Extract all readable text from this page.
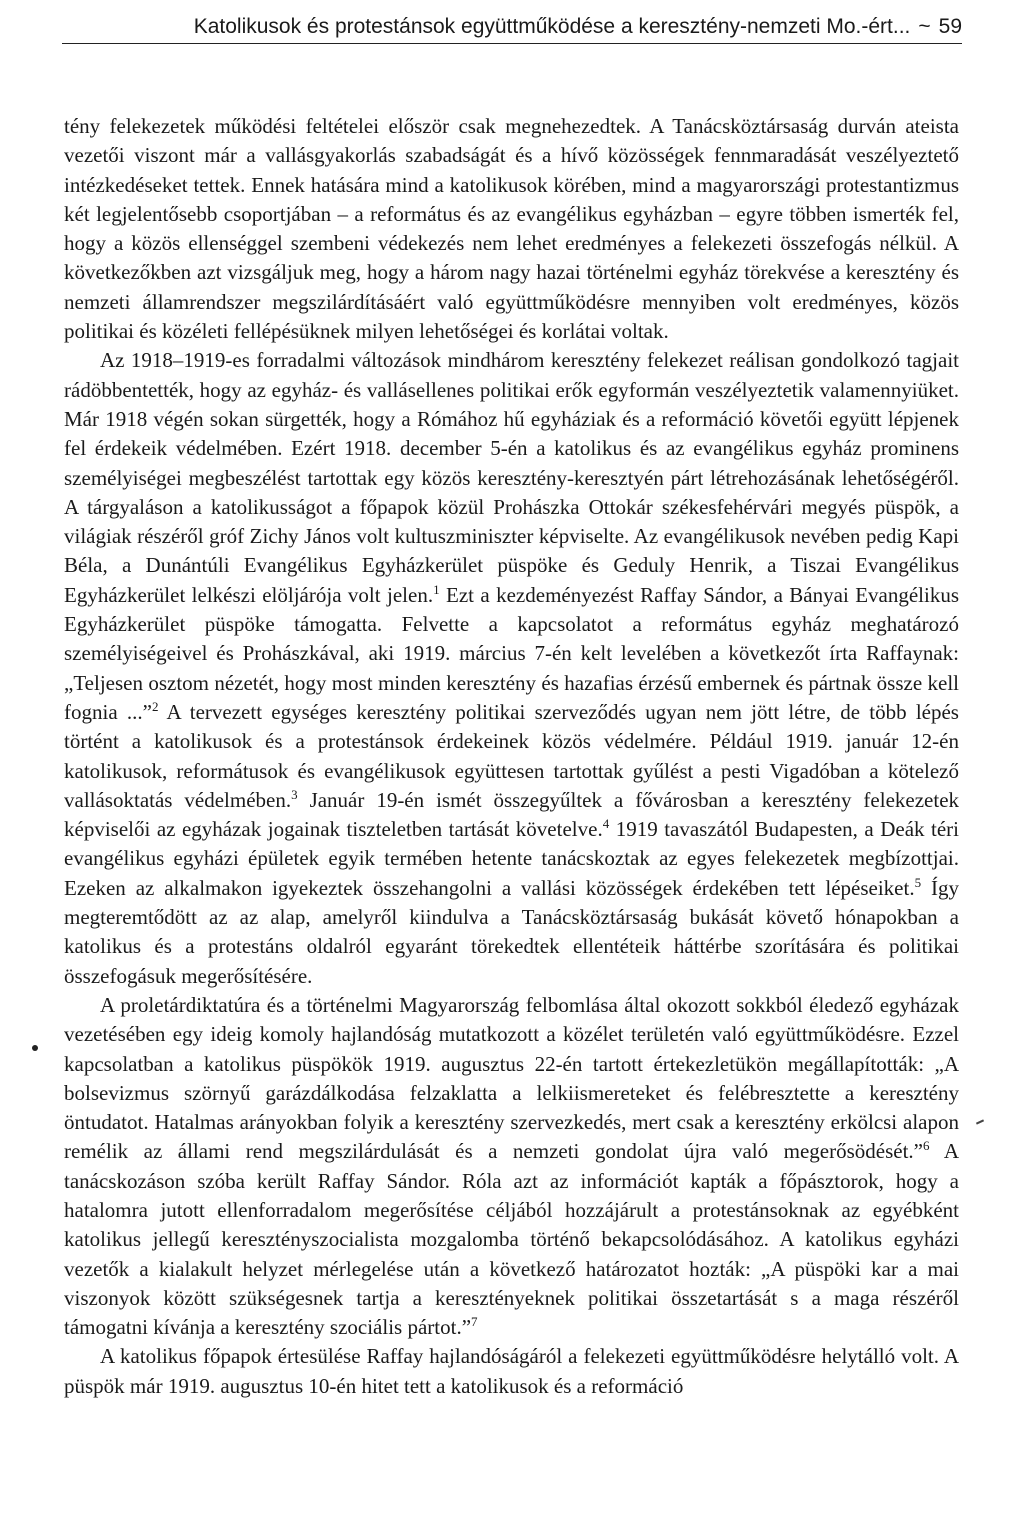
Katolikusok és protestánsok együttműködése a keresztény-nemzeti Mo.-ért... ~ 59

tény felekezetek működési feltételei először csak megnehezedtek. A Tanácsköztársaság durván ateista vezetői viszont már a vallásgyakorlás szabadságát és a hívő közösségek fennmaradását veszélyeztető intézkedéseket tettek. Ennek hatására mind a katolikusok körében, mind a magyarországi protestantizmus két legjelentősebb csoportjában – a református és az evangélikus egyházban – egyre többen ismerték fel, hogy a közös ellenséggel szembeni védekezés nem lehet eredményes a felekezeti összefogás nélkül. A következőkben azt vizsgáljuk meg, hogy a három nagy hazai történelmi egyház törekvése a keresztény és nemzeti államrendszer megszilárdításáért való együttműködésre mennyiben volt eredményes, közös politikai és közéleti fellépésüknek milyen lehetőségei és korlátai voltak.

Az 1918–1919-es forradalmi változások mindhárom keresztény felekezet reálisan gondolkozó tagjait rádöbbentették, hogy az egyház- és vallásellenes politikai erők egyformán veszélyeztetik valamennyiüket. Már 1918 végén sokan sürgették, hogy a Rómához hű egyháziak és a reformáció követői együtt lépjenek fel érdekeik védelmében. Ezért 1918. december 5-én a katolikus és az evangélikus egyház prominens személyiségei megbeszélést tartottak egy közös keresztény-keresztyén párt létrehozásának lehetőségéről. A tárgyaláson a katolikusságot a főpapok közül Prohászka Ottokár székesfehérvári megyés püspök, a világiak részéről gróf Zichy János volt kultuszminiszter képviselte. Az evangélikusok nevében pedig Kapi Béla, a Dunántúli Evangélikus Egyházkerület püspöke és Geduly Henrik, a Tiszai Evangélikus Egyházkerület lelkészi elöljárója volt jelen.$^1$ Ezt a kezdeményezést Raffay Sándor, a Bányai Evangélikus Egyházkerület püspöke támogatta. Felvette a kapcsolatot a református egyház meghatározó személyiségeivel és Prohászkával, aki 1919. március 7-én kelt levelében a következőt írta Raffaynak: „Teljesen osztom nézetét, hogy most minden keresztény és hazafias érzésű embernek és pártnak össze kell fognia ...”$^2$ A tervezett egységes keresztény politikai szerveződés ugyan nem jött létre, de több lépés történt a katolikusok és a protestánsok érdekeinek közös védelmére. Például 1919. január 12-én katolikusok, reformátusok és evangélikusok együttesen tartottak gyűlést a pesti Vigadóban a kötelező vallásoktatás védelmében.$^3$ Január 19-én ismét összegyűltek a fővárosban a keresztény felekezetek képviselői az egyházak jogainak tiszteletben tartását követelve.$^4$ 1919 tavaszától Budapesten, a Deák téri evangélikus egyházi épületek egyik termében hetente tanácskoztak az egyes felekezetek megbízottjai. Ezeken az alkalmakon igyekeztek összehangolni a vallási közösségek érdekében tett lépéseiket.$^5$ Így megteremtődött az az alap, amelyről kiindulva a Tanácsköztársaság bukását követő hónapokban a katolikus és a protestáns oldalról egyaránt törekedtek ellentéteik háttérbe szorítására és politikai összefogásuk megerősítésére.

A proletárdiktatúra és a történelmi Magyarország felbomlása által okozott sokkból éledező egyházak vezetésében egy ideig komoly hajlandóság mutatkozott a közélet területén való együttműködésre. Ezzel kapcsolatban a katolikus püspökök 1919. augusztus 22-én tartott értekezletükön megállapították: „A bolsevizmus szörnyű garázdálkodása felzaklatta a lelkiismereteket és felébresztette a keresztény öntudatot. Hatalmas arányokban folyik a keresztény szervezkedés, mert csak a keresztény erkölcsi alapon remélik az állami rend megszilárdulását és a nemzeti gondolat újra való megerősödését.”$^6$ A tanácskozáson szóba került Raffay Sándor. Róla azt az információt kapták a főpásztorok, hogy a hatalomra jutott ellenforradalom megerősítése céljából hozzájárult a protestánsoknak az egyébként katolikus jellegű keresztényszocialista mozgalomba történő bekapcsolódásához. A katolikus egyházi vezetők a kialakult helyzet mérlegelése után a következő határozatot hozták: „A püspöki kar a mai viszonyok között szükségesnek tartja a keresztényeknek politikai összetartását s a maga részéről támogatni kívánja a keresztény szociális pártot.”$^7$

A katolikus főpapok értesülése Raffay hajlandóságáról a felekezeti együttműködésre helytálló volt. A püspök már 1919. augusztus 10-én hitet tett a katolikusok és a reformáció
